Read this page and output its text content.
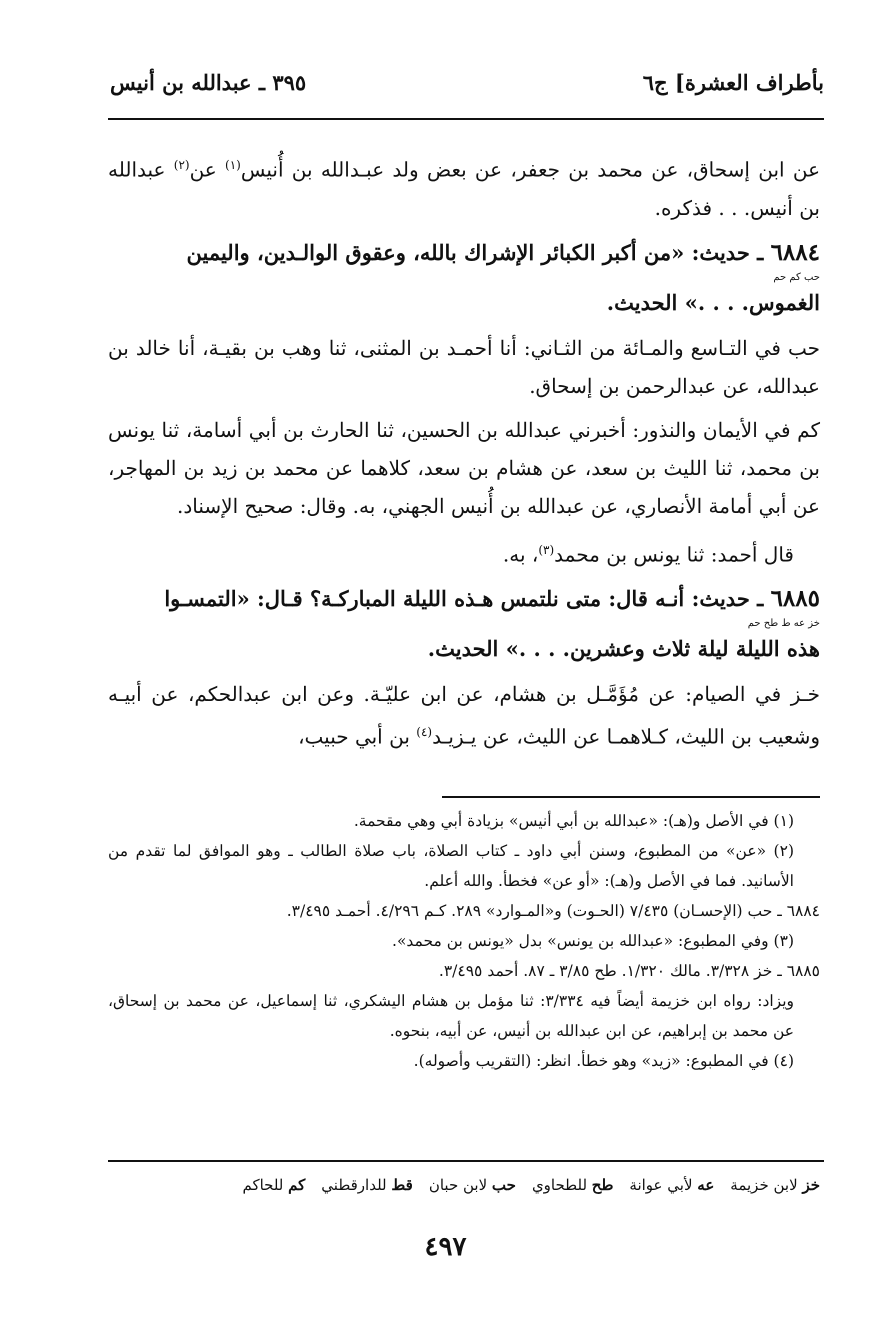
بأطراف العشرة] ج٦
٣٩٥ ـ عبدالله بن أنيس

عن ابن إسحاق، عن محمد بن جعفر، عن بعض ولد عبـدالله بن أُنيس$^{(١)}$ عن$^{(٢)}$ عبدالله بن أنيس. . . فذكره.

٦٨٨٤ ـ حديث: «من أكبر الكبائر الإشراك بالله، وعقوق الوالـدين، واليمين
حب كم حم
الغموس. . . .» الحديث.

حب في التـاسع والمـائة من الثـاني: أنا أحمـد بن المثنى، ثنا وهب بن بقيـة، أنا خالد بن عبدالله، عن عبدالرحمن بن إسحاق.

كم في الأيمان والنذور: أخبرني عبدالله بن الحسين، ثنا الحارث بن أبي أسامة، ثنا يونس بن محمد، ثنا الليث بن سعد، عن هشام بن سعد، كلاهما عن محمد بن زيد بن المهاجر، عن أبي أمامة الأنصاري، عن عبدالله بن أُنيس الجهني، به. وقال: صحيح الإسناد.

قال أحمد: ثنا يونس بن محمد$^{(٣)}$، به.

٦٨٨٥ ـ حديث: أنـه قال: متى نلتمس هـذه الليلة المباركـة؟ قـال: «التمسـوا
خز عه ط طح حم
هذه الليلة ليلة ثلاث وعشرين. . . .» الحديث.

خـز في الصيام: عن مُؤَمَّـل بن هشام، عن ابن عليّـة. وعن ابن عبدالحكم، عن أبيـه وشعيب بن الليث، كـلاهمـا عن الليث، عن يـزيـد$^{(٤)}$ بن أبي حبيب،

(١) في الأصل و(هـ): «عبدالله بن أبي أنيس» بزيادة أبي وهي مقحمة.

(٢) «عن» من المطبوع، وسنن أبي داود ـ كتاب الصلاة، باب صلاة الطالب ـ وهو الموافق لما تقدم من الأسانيد. فما في الأصل و(هـ): «أو عن» فخطأ. والله أعلم.

٦٨٨٤ ـ حب (الإحسـان) ٧/٤٣٥ (الحـوت) و«المـوارد» ٢٨٩. كـم ٤/٢٩٦. أحمـد ٣/٤٩٥.

(٣) وفي المطبوع: «عبدالله بن يونس» بدل «يونس بن محمد».

٦٨٨٥ ـ خز ٣/٣٢٨. مالك ١/٣٢٠. طح ٣/٨٥ ـ ٨٧. أحمد ٣/٤٩٥.

ويزاد: رواه ابن خزيمة أيضاً فيه ٣/٣٣٤: ثنا مؤمل بن هشام اليشكري، ثنا إسماعيل، عن محمد بن إسحاق، عن محمد بن إبراهيم، عن ابن عبدالله بن أنيس، عن أبيه، بنحوه.

(٤) في المطبوع: «زيد» وهو خطأ. انظر: (التقريب وأصوله).

خز لابن خزيمة
عه لأبي عوانة
طح للطحاوي
حب لابن حبان
قط للدارقطني
كم للحاكم
٤٩٧
